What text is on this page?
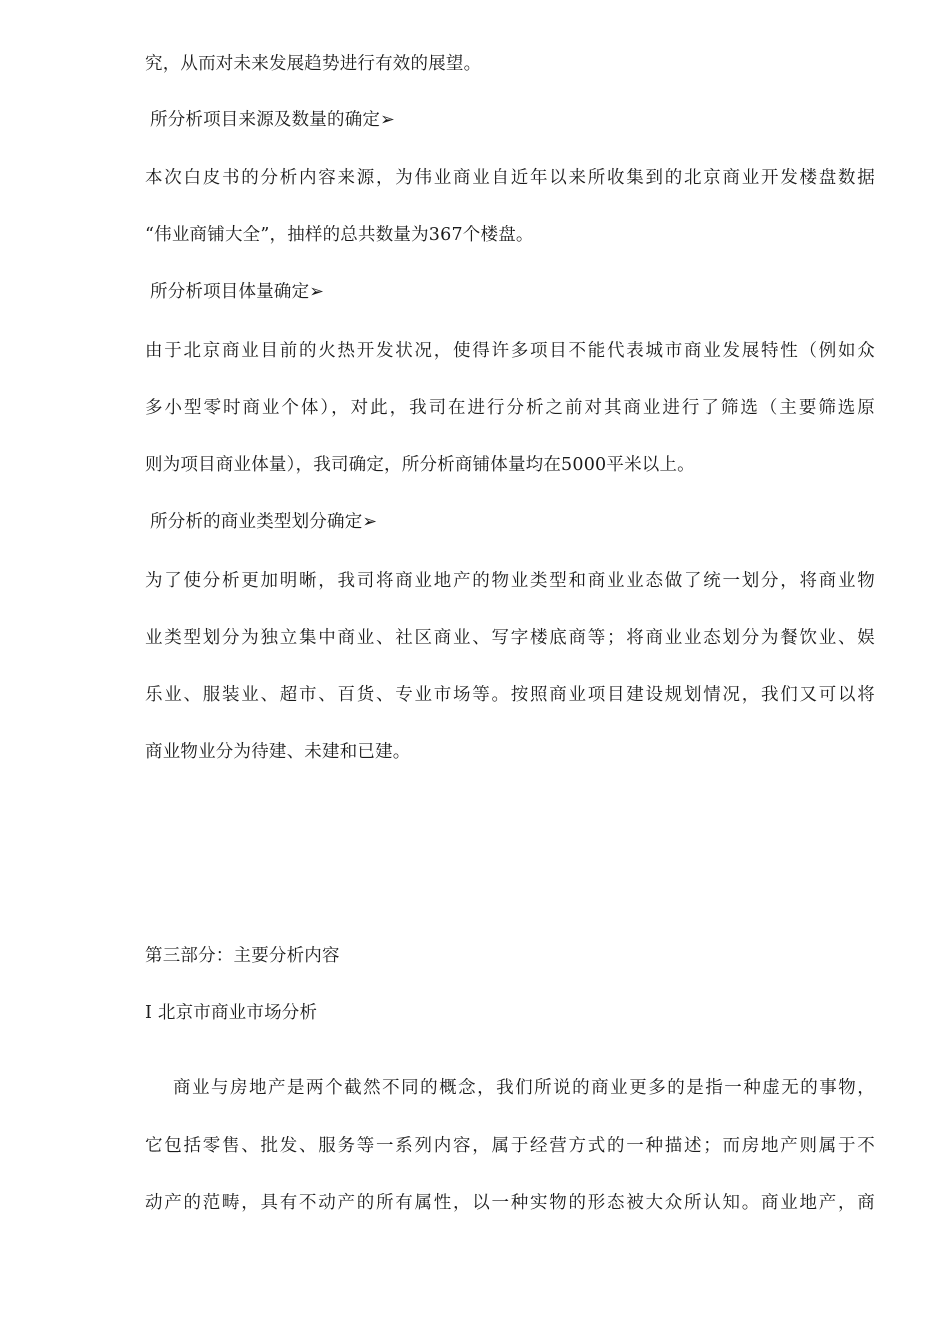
究，从而对未来发展趋势进行有效的展望。
所分析项目来源及数量的确定➢
本次白皮书的分析内容来源，为伟业商业自近年以来所收集到的北京商业开发楼盘数据
“伟业商铺大全”，抽样的总共数量为367个楼盘。
所分析项目体量确定➢
由于北京商业目前的火热开发状况，使得许多项目不能代表城市商业发展特性（例如众
多小型零时商业个体），对此，我司在进行分析之前对其商业进行了筛选（主要筛选原
则为项目商业体量），我司确定，所分析商铺体量均在5000平米以上。
所分析的商业类型划分确定➢
为了使分析更加明晰，我司将商业地产的物业类型和商业业态做了统一划分，将商业物
业类型划分为独立集中商业、社区商业、写字楼底商等；将商业业态划分为餐饮业、娱
乐业、服装业、超市、百货、专业市场等。按照商业项目建设规划情况，我们又可以将
商业物业分为待建、未建和已建。
第三部分：主要分析内容
Ⅰ 北京市商业市场分析
商业与房地产是两个截然不同的概念，我们所说的商业更多的是指一种虚无的事物，
它包括零售、批发、服务等一系列内容，属于经营方式的一种描述；而房地产则属于不
动产的范畴，具有不动产的所有属性，以一种实物的形态被大众所认知。商业地产，商
